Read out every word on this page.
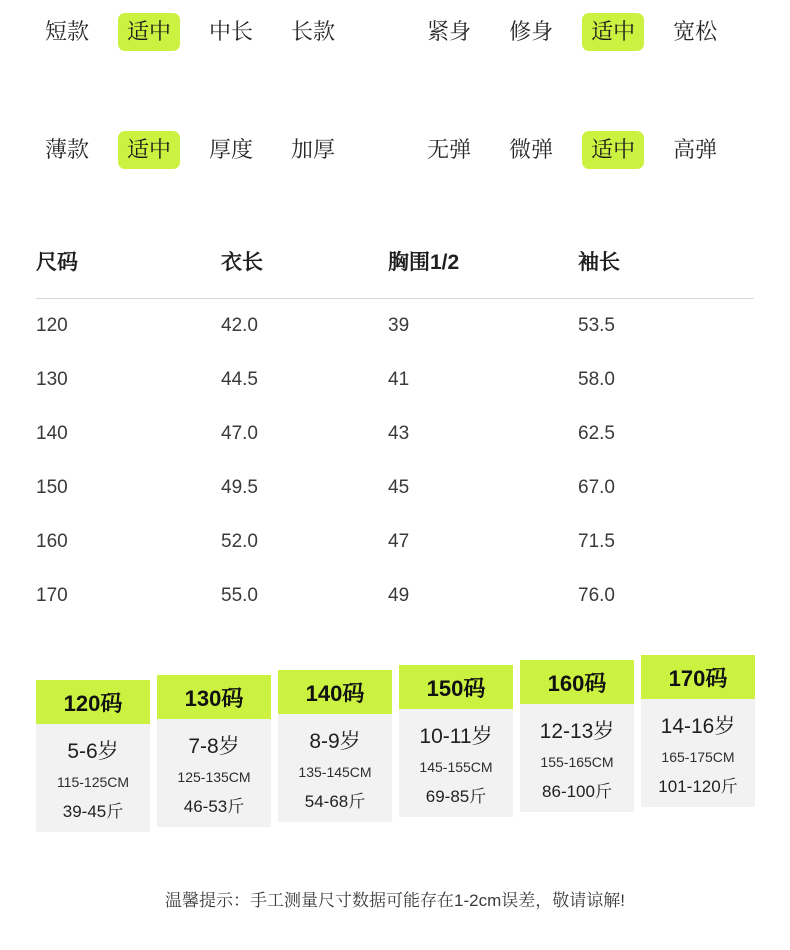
短款	适中	中长	长款	紧身	修身	适中	宽松
薄款	适中	厚度	加厚	无弹	微弹	适中	高弹
尺码	衣长	胸围1/2	袖长
120	42.0	39	53.5
130	44.5	41	58.0
140	47.0	43	62.5
150	49.5	45	67.0
160	52.0	47	71.5
170	55.0	49	76.0
120码
5-6岁
115-125CM
39-45斤
130码
7-8岁
125-135CM
46-53斤
140码
8-9岁
135-145CM
54-68斤
150码
10-11岁
145-155CM
69-85斤
160码
12-13岁
155-165CM
86-100斤
170码
14-16岁
165-175CM
101-120斤
温馨提示：手工测量尺寸数据可能存在1-2cm误差，敬请谅解!
